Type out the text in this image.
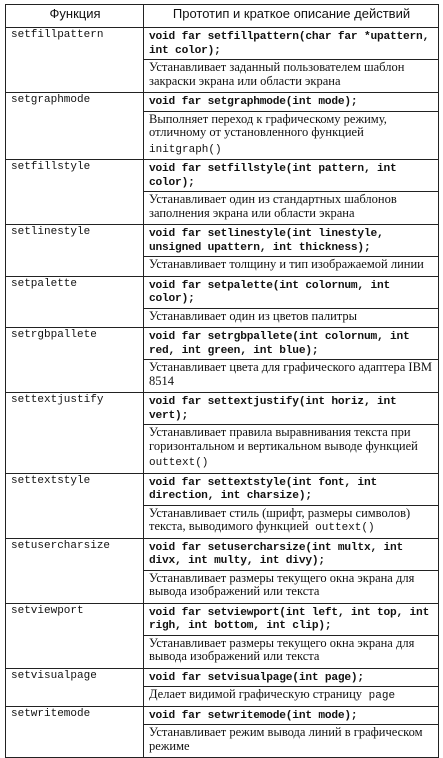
Функция	Прототип и краткое описание действий
setfillpattern	void far setfillpattern(char far *upattern, int color);
Устанавливает заданный пользователем шаблон закраски экрана или области экрана

setgraphmode	void far setgraphmode(int mode);
Выполняет переход к графическому режиму, отличному от установленного функцией initgraph()

setfillstyle	void far setfillstyle(int pattern, int color);
Устанавливает один из стандартных шаблонов заполнения экрана или области экрана

setlinestyle	void far setlinestyle(int linestyle, unsigned upattern, int thickness);
Устанавливает толщину и тип изображаемой линии

setpalette	void far setpalette(int colornum, int color);
Устанавливает один из цветов палитры

setrgbpallete	void far setrgbpallete(int colornum, int red, int green, int blue);
Устанавливает цвета для графического адаптера IBM 8514

settextjustify	void far settextjustify(int horiz, int vert);
Устанавливает правила выравнивания текста при горизонтальном и вертикальном выводе функцией outtext()

settextstyle	void far settextstyle(int font, int direction, int charsize);
Устанавливает стиль (шрифт, размеры символов) текста, выводимого функцией outtext()

setusercharsize	void far setusercharsize(int multx, int divx, int multy, int divy);
Устанавливает размеры текущего окна экрана для вывода изображений или текста

setviewport	void far setviewport(int left, int top, int righ, int bottom, int clip);
Устанавливает размеры текущего окна экрана для вывода изображений или текста

setvisualpage	void far setvisualpage(int page);
Делает видимой графическую страницу page

setwritemode	void far setwritemode(int mode);
Устанавливает режим вывода линий в графическом режиме
